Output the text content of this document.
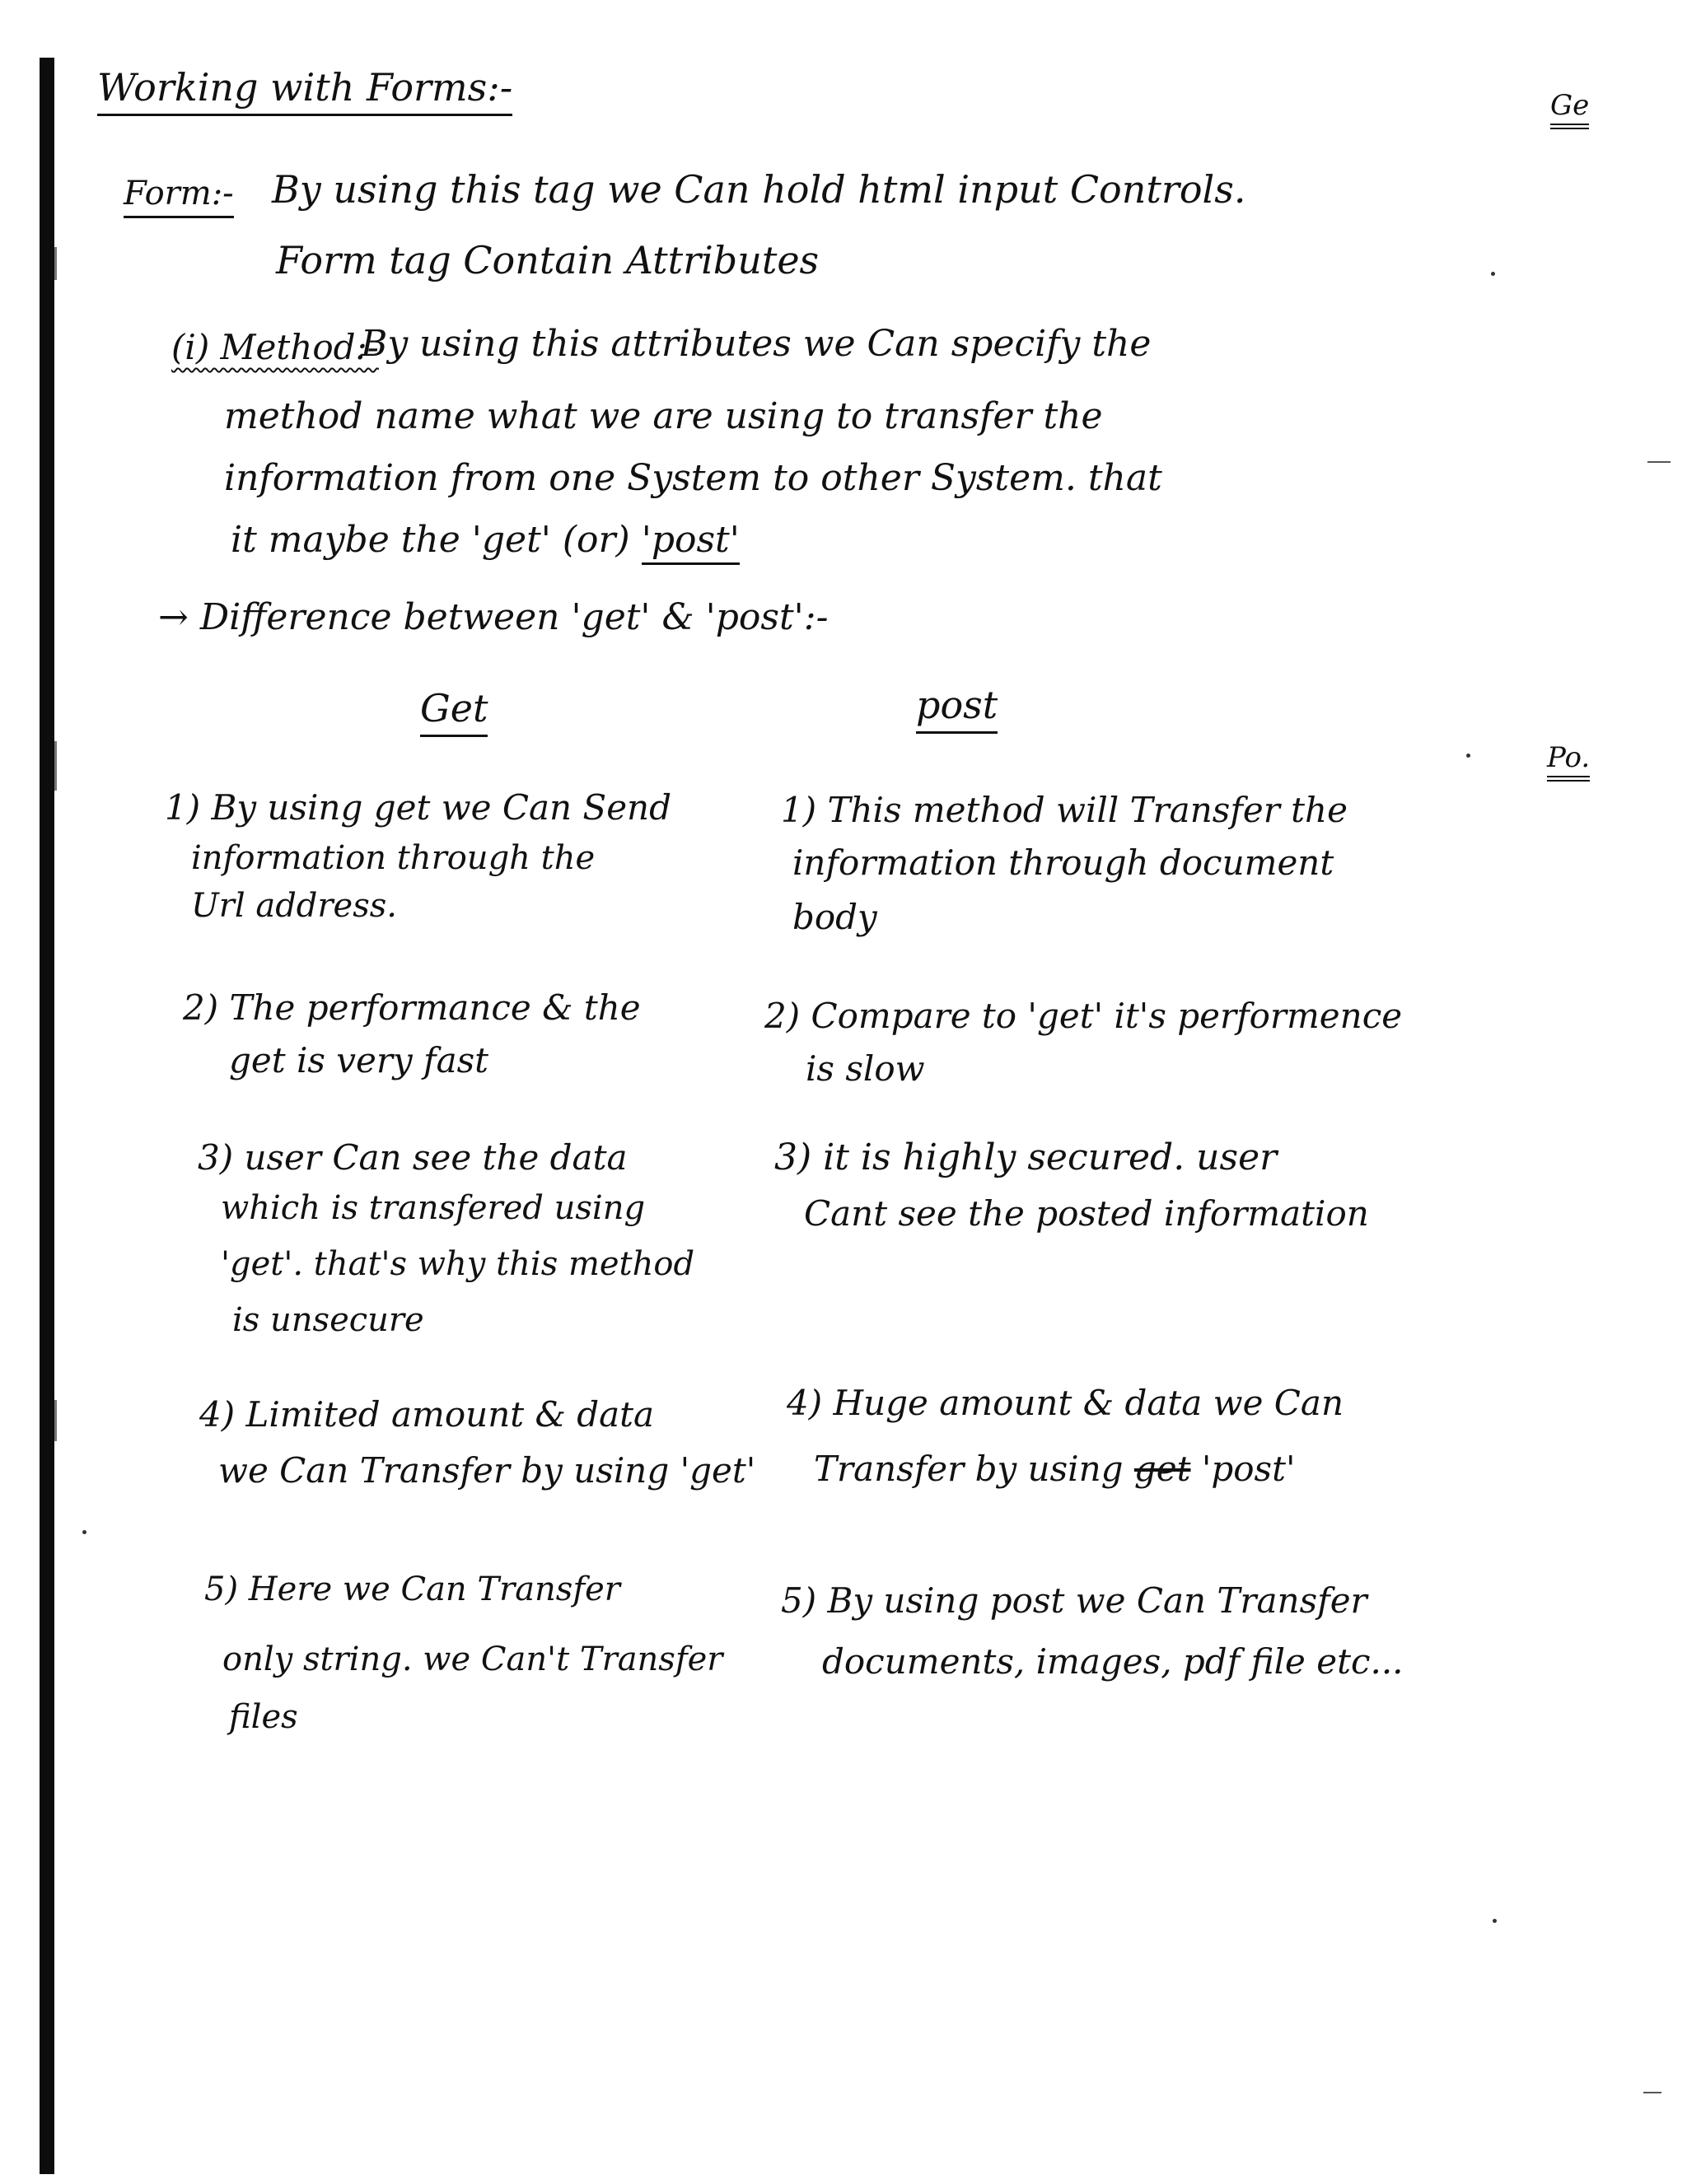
Working with Forms:-	Ge
Po.
Form:- By using this tag we Can hold html input Controls.
Form tag Contain Attributes
(i) Method:-
By using this attributes we Can specify the
method name what we are using to transfer the
information from one System to other System. that
it maybe the 'get' (or) 'post'
→ Difference between 'get' & 'post':-
Get	post
1) By using get we Can Send
information through the
Url address.
2) The performance & the
get is very fast
3) user Can see the data
which is transfered using
'get'. that's why this method
is unsecure
4) Limited amount & data
we Can Transfer by using 'get'
5) Here we Can Transfer
only string. we Can't Transfer
files
1) This method will Transfer the
information through document
body
2) Compare to 'get' it's performence
is slow
3) it is highly secured. user
Cant see the posted information
4) Huge amount & data we Can
Transfer by using get 'post'
5) By using post we Can Transfer
documents, images, pdf file etc...
